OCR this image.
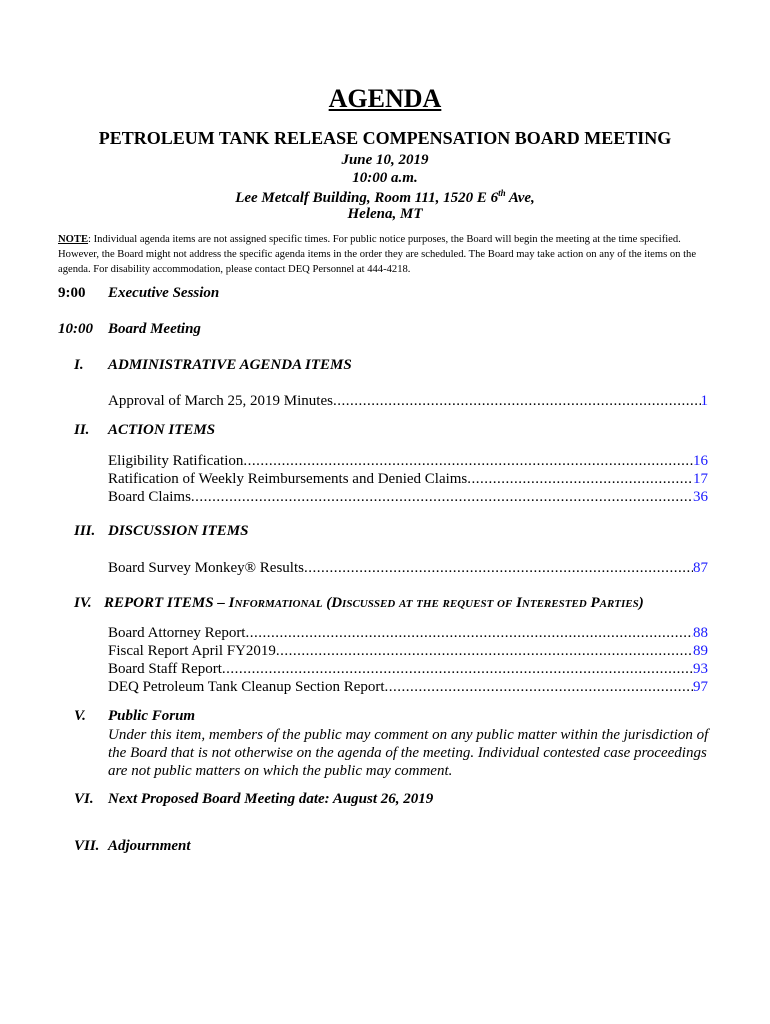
AGENDA
PETROLEUM TANK RELEASE COMPENSATION BOARD MEETING
June 10, 2019
10:00 a.m.
Lee Metcalf Building, Room 111, 1520 E 6th Ave,
Helena, MT
NOTE: Individual agenda items are not assigned specific times. For public notice purposes, the Board will begin the meeting at the time specified. However, the Board might not address the specific agenda items in the order they are scheduled. The Board may take action on any of the items on the agenda. For disability accommodation, please contact DEQ Personnel at 444-4218.
9:00 Executive Session
10:00 Board Meeting
I. ADMINISTRATIVE AGENDA ITEMS
Approval of March 25, 2019 Minutes .....	1
II. ACTION ITEMS
Eligibility Ratification .....	16
Ratification of Weekly Reimbursements and Denied Claims .....	17
Board Claims .....	36
III. DISCUSSION ITEMS
Board Survey Monkey® Results .....	87
IV. REPORT ITEMS – Informational (Discussed at the request of Interested Parties)
Board Attorney Report .....	88
Fiscal Report April FY2019 .....	89
Board Staff Report .....	93
DEQ Petroleum Tank Cleanup Section Report .....	97
V. Public Forum
Under this item, members of the public may comment on any public matter within the jurisdiction of the Board that is not otherwise on the agenda of the meeting. Individual contested case proceedings are not public matters on which the public may comment.
VI. Next Proposed Board Meeting date: August 26, 2019
VII. Adjournment
